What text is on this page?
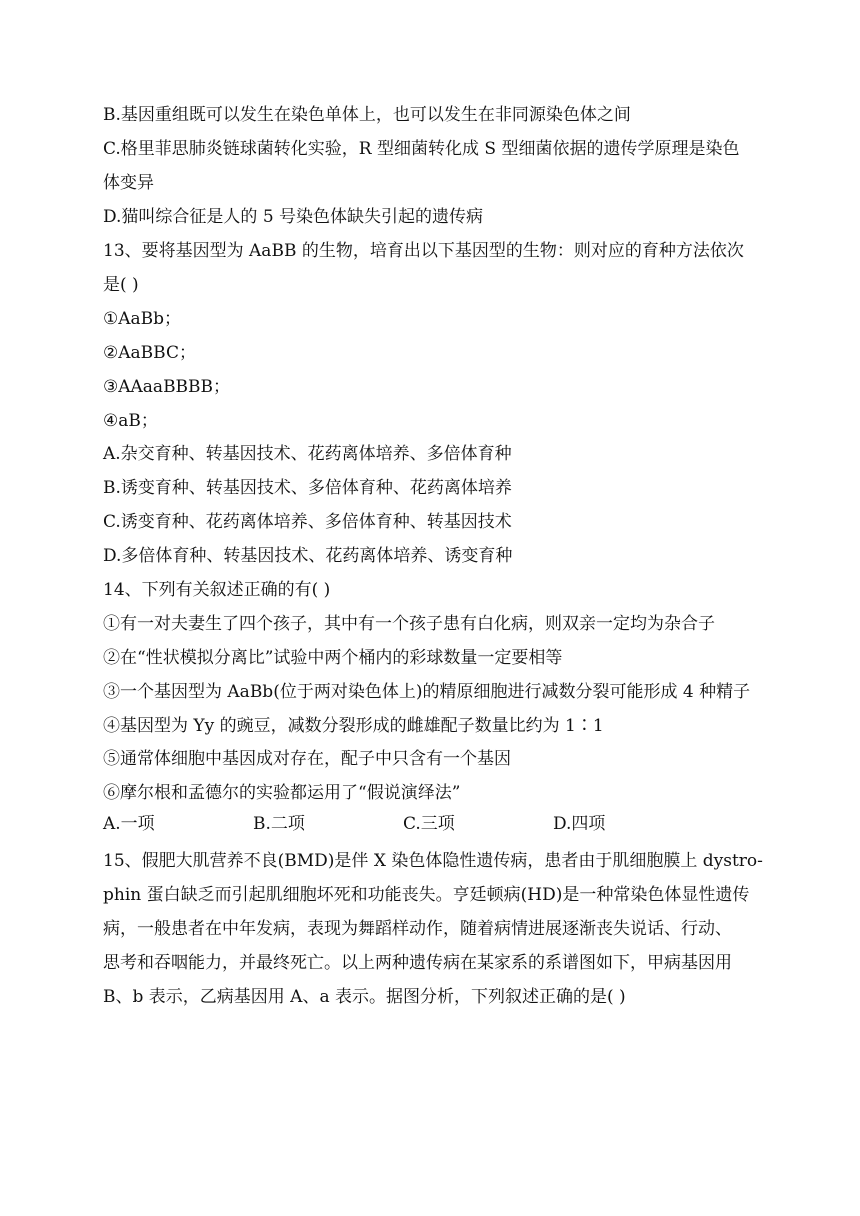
B.基因重组既可以发生在染色单体上，也可以发生在非同源染色体之间
C.格里菲思肺炎链球菌转化实验，R 型细菌转化成 S 型细菌依据的遗传学原理是染色
体变异
D.猫叫综合征是人的 5 号染色体缺失引起的遗传病
13、要将基因型为 AaBB 的生物，培育出以下基因型的生物：则对应的育种方法依次
是( )
①AaBb；
②AaBBC；
③AAaaBBBB；
④aB；
A.杂交育种、转基因技术、花药离体培养、多倍体育种
B.诱变育种、转基因技术、多倍体育种、花药离体培养
C.诱变育种、花药离体培养、多倍体育种、转基因技术
D.多倍体育种、转基因技术、花药离体培养、诱变育种
14、下列有关叙述正确的有( )
①有一对夫妻生了四个孩子，其中有一个孩子患有白化病，则双亲一定均为杂合子
②在“性状模拟分离比”试验中两个桶内的彩球数量一定要相等
③一个基因型为 AaBb(位于两对染色体上)的精原细胞进行减数分裂可能形成 4 种精子
④基因型为 Yy 的豌豆，减数分裂形成的雌雄配子数量比约为 1∶1
⑤通常体细胞中基因成对存在，配子中只含有一个基因
⑥摩尔根和孟德尔的实验都运用了“假说演绎法”
A.一项	B.二项	C.三项	D.四项
15、假肥大肌营养不良(BMD)是伴 X 染色体隐性遗传病，患者由于肌细胞膜上 dystro-
phin 蛋白缺乏而引起肌细胞坏死和功能丧失。亨廷顿病(HD)是一种常染色体显性遗传
病，一般患者在中年发病，表现为舞蹈样动作，随着病情进展逐渐丧失说话、行动、
思考和吞咽能力，并最终死亡。以上两种遗传病在某家系的系谱图如下，甲病基因用
B、b 表示，乙病基因用 A、a 表示。据图分析，下列叙述正确的是( )
